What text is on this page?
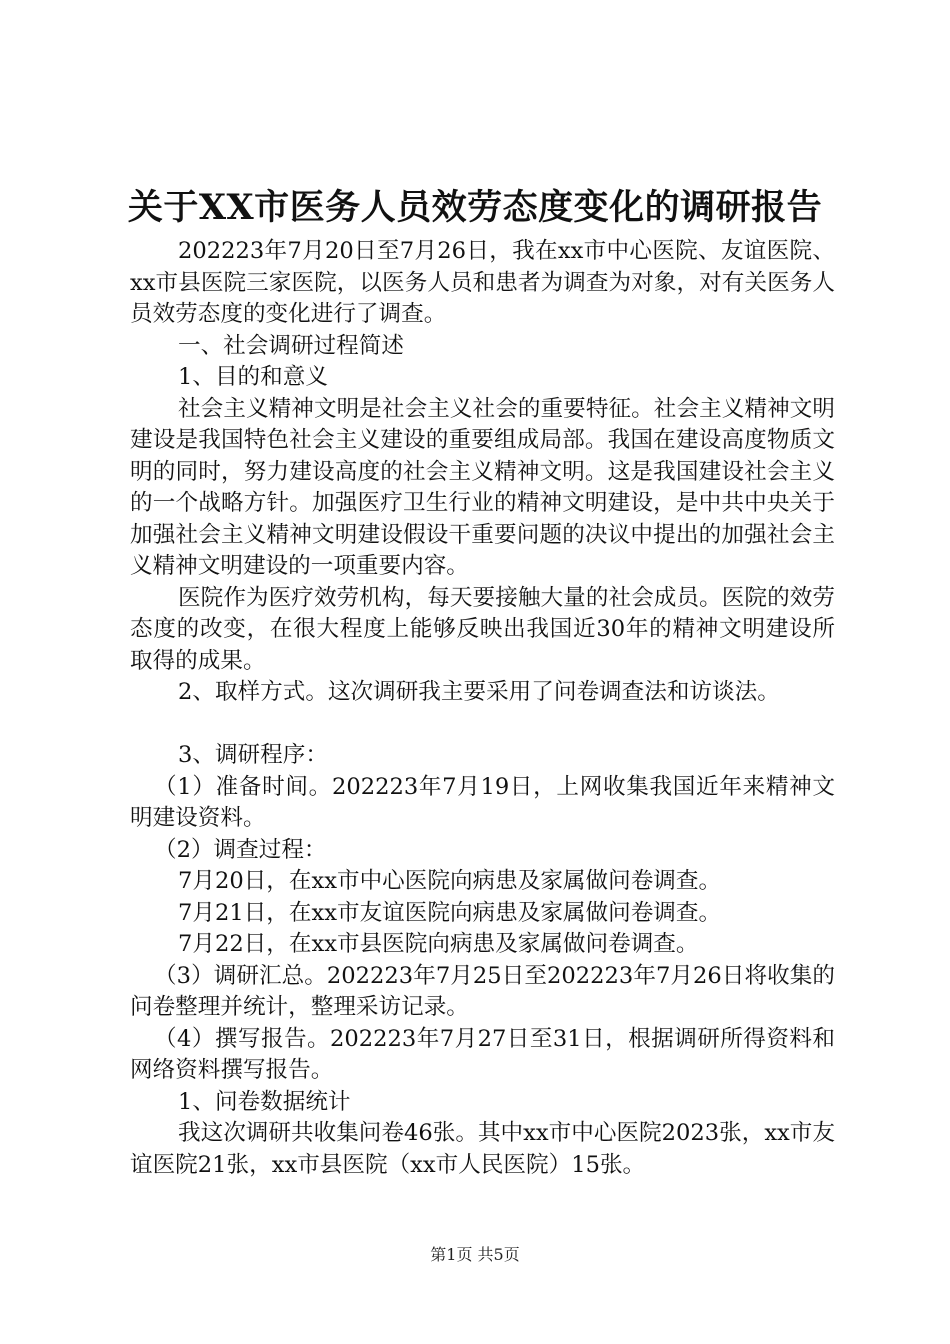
关于XX市医务人员效劳态度变化的调研报告

202223年7月20日至7月26日，我在xx市中心医院、友谊医院、xx市县医院三家医院，以医务人员和患者为调查为对象，对有关医务人员效劳态度的变化进行了调查。

一、社会调研过程简述

1、目的和意义

社会主义精神文明是社会主义社会的重要特征。社会主义精神文明建设是我国特色社会主义建设的重要组成局部。我国在建设高度物质文明的同时，努力建设高度的社会主义精神文明。这是我国建设社会主义的一个战略方针。加强医疗卫生行业的精神文明建设，是中共中央关于加强社会主义精神文明建设假设干重要问题的决议中提出的加强社会主义精神文明建设的一项重要内容。

医院作为医疗效劳机构，每天要接触大量的社会成员。医院的效劳态度的改变，在很大程度上能够反映出我国近30年的精神文明建设所取得的成果。

2、取样方式。这次调研我主要采用了问卷调查法和访谈法。

3、调研程序：

（1）准备时间。202223年7月19日，上网收集我国近年来精神文明建设资料。

（2）调查过程：

7月20日，在xx市中心医院向病患及家属做问卷调查。

7月21日，在xx市友谊医院向病患及家属做问卷调查。

7月22日，在xx市县医院向病患及家属做问卷调查。

（3）调研汇总。202223年7月25日至202223年7月26日将收集的问卷整理并统计，整理采访记录。

（4）撰写报告。202223年7月27日至31日，根据调研所得资料和网络资料撰写报告。

1、问卷数据统计

我这次调研共收集问卷46张。其中xx市中心医院2023张，xx市友谊医院21张，xx市县医院（xx市人民医院）15张。

第1页 共5页
